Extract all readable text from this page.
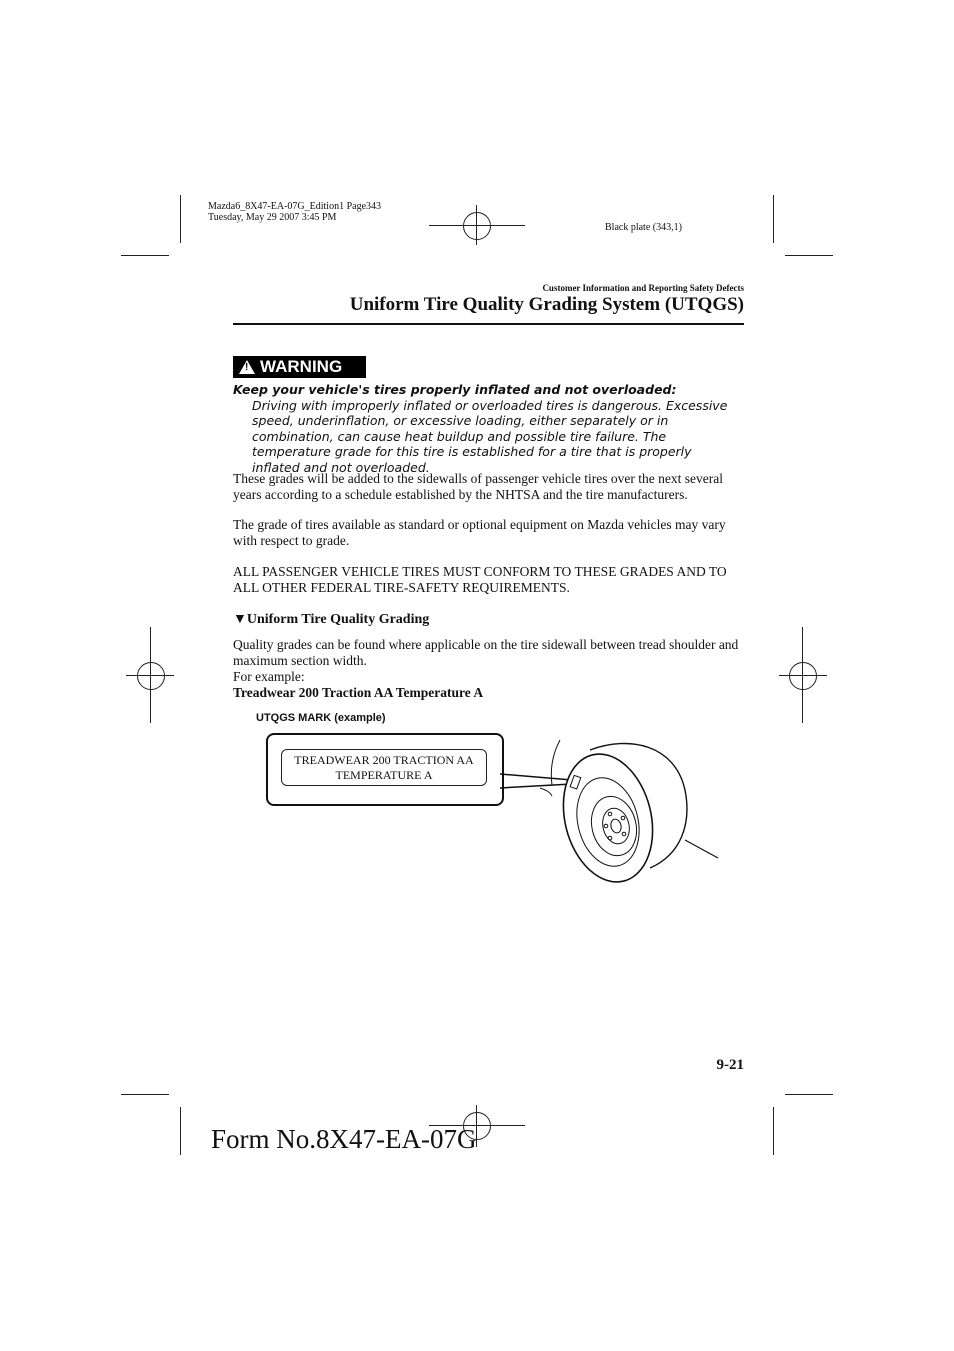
Mazda6_8X47-EA-07G_Edition1 Page343
Tuesday, May 29 2007 3:45 PM
Black plate (343,1)
Customer Information and Reporting Safety Defects
Uniform Tire Quality Grading System (UTQGS)
! WARNING
Keep your vehicle's tires properly inflated and not overloaded:
Driving with improperly inflated or overloaded tires is dangerous. Excessive speed, underinflation, or excessive loading, either separately or in combination, can cause heat buildup and possible tire failure. The temperature grade for this tire is established for a tire that is properly inflated and not overloaded.
These grades will be added to the sidewalls of passenger vehicle tires over the next several years according to a schedule established by the NHTSA and the tire manufacturers.
The grade of tires available as standard or optional equipment on Mazda vehicles may vary with respect to grade.
ALL PASSENGER VEHICLE TIRES MUST CONFORM TO THESE GRADES AND TO ALL OTHER FEDERAL TIRE-SAFETY REQUIREMENTS.
▼Uniform Tire Quality Grading
Quality grades can be found where applicable on the tire sidewall between tread shoulder and maximum section width.
For example:
Treadwear 200 Traction AA Temperature A
UTQGS MARK (example)
TREADWEAR 200 TRACTION AA
TEMPERATURE A
9-21
Form No.8X47-EA-07G
